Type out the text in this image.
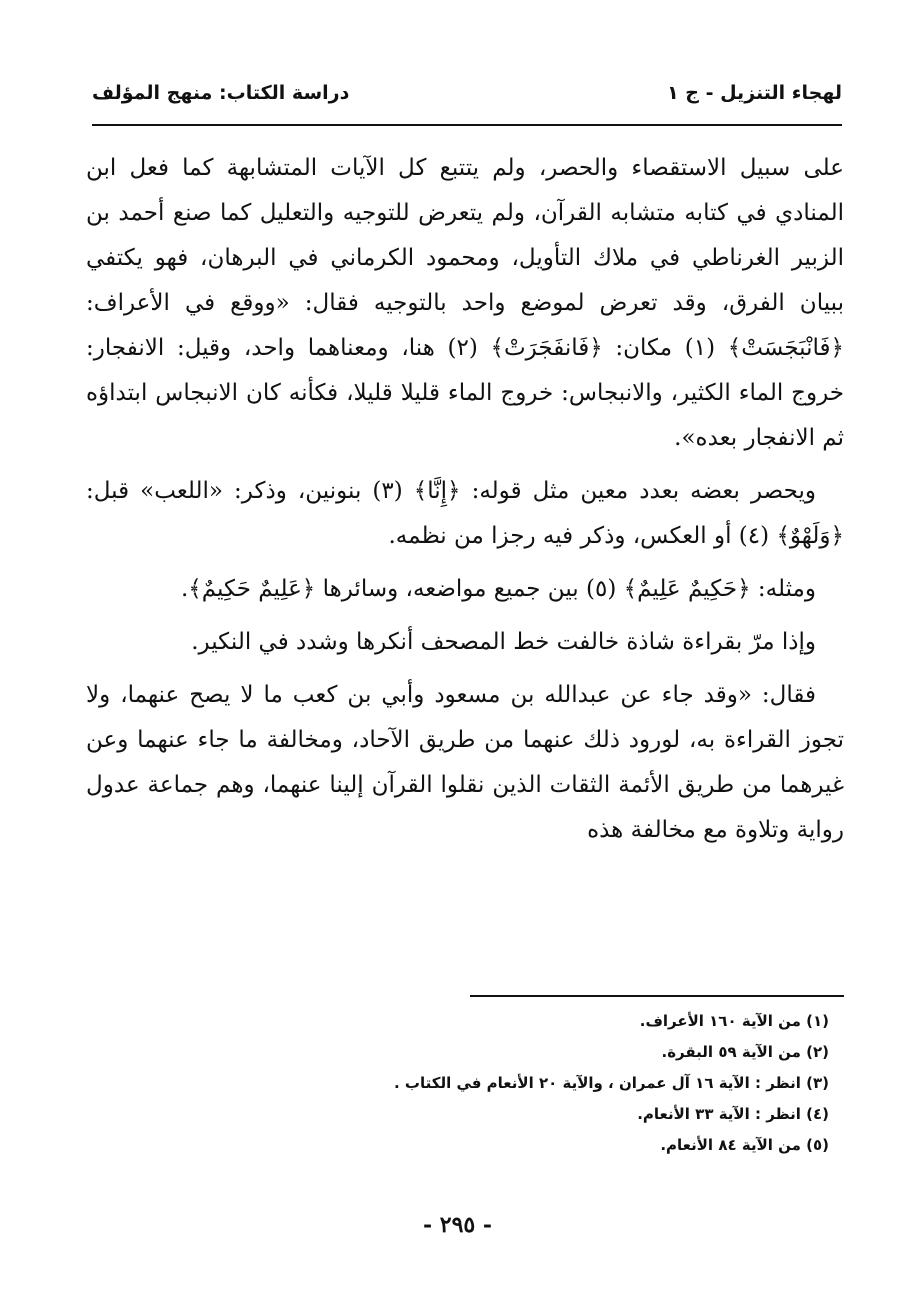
لهجاء التنزيل - ج ١
دراسة الكتاب: منهج المؤلف

على سبيل الاستقصاء والحصر، ولم يتتبع كل الآيات المتشابهة كما فعل ابن المنادي في كتابه متشابه القرآن، ولم يتعرض للتوجيه والتعليل كما صنع أحمد بن الزبير الغرناطي في ملاك التأويل، ومحمود الكرماني في البرهان، فهو يكتفي ببيان الفرق، وقد تعرض لموضع واحد بالتوجيه فقال: «ووقع في الأعراف: ﴿فَانْبَجَسَتْ﴾ (١) مكان: ﴿فَانفَجَرَتْ﴾ (٢) هنا، ومعناهما واحد، وقيل: الانفجار: خروج الماء الكثير، والانبجاس: خروج الماء قليلا قليلا، فكأنه كان الانبجاس ابتداؤه ثم الانفجار بعده».

ويحصر بعضه بعدد معين مثل قوله: ﴿إِنَّا﴾ (٣) بنونين، وذكر: «اللعب» قبل: ﴿وَلَهْوٌ﴾ (٤) أو العكس، وذكر فيه رجزا من نظمه.

ومثله: ﴿حَكِيمٌ عَلِيمٌ﴾ (٥) بين جميع مواضعه، وسائرها ﴿عَلِيمٌ حَكِيمٌ﴾.

وإذا مرّ بقراءة شاذة خالفت خط المصحف أنكرها وشدد في النكير.

فقال: «وقد جاء عن عبدالله بن مسعود وأبي بن كعب ما لا يصح عنهما، ولا تجوز القراءة به، لورود ذلك عنهما من طريق الآحاد، ومخالفة ما جاء عنهما وعن غيرهما من طريق الأئمة الثقات الذين نقلوا القرآن إلينا عنهما، وهم جماعة عدول رواية وتلاوة مع مخالفة هذه

(١) من الآية ١٦٠ الأعراف.
(٢) من الآية ٥٩ البقرة.
(٣) انظر : الآية ١٦ آل عمران ، والآية ٢٠ الأنعام في الكتاب .
(٤) انظر : الآية ٣٣ الأنعام.
(٥) من الآية ٨٤ الأنعام.
- ٢٩٥ -
